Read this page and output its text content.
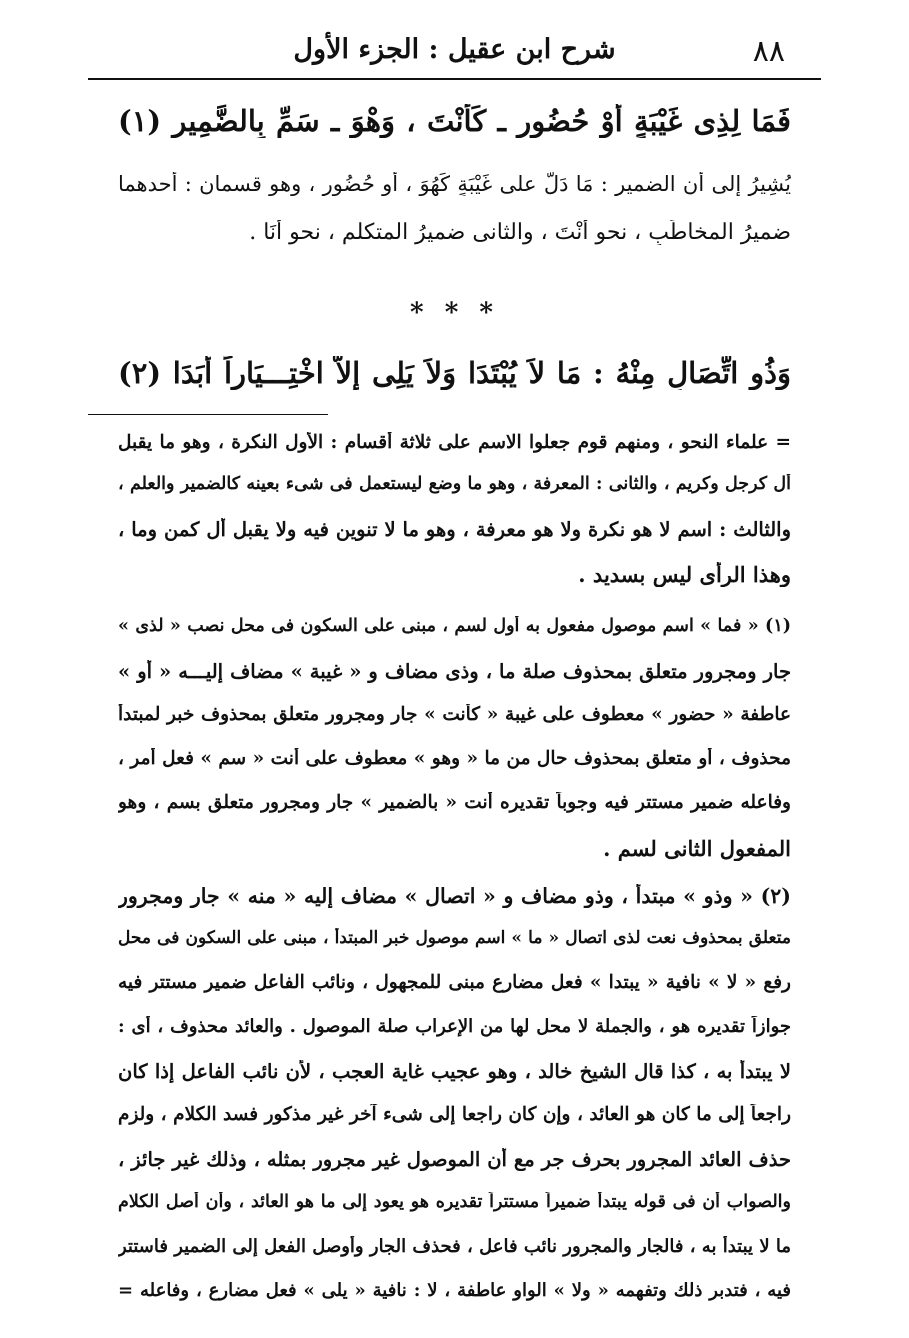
٨٨
شرح ابن عقيل : الجزء الأول
فَمَا لِذِى غَيْبَةٍ أوْ حُضُور ـ كَأنْتَ ، وَهْوَ ـ سَمِّ بِالضَّمِيرِ (١)
يُشِيرُ إلى أن الضمير : مَا دَلَّ على غَيْبَةٍ كَهُوَ ، أو حُضُورٍ ، وهو قسمان : أحدهما
ضميرُ المخاطَبِ ، نحو أنْتَ ، والثانى ضميرُ المتكلم ، نحو أنَا .
* * *
وَذُو اتِّصَالٍ مِنْهُ : مَا لاَ يُبْتَدَا وَلاَ يَلِى إلاَّ اخْتِـــيَاراً أبَدَا (٢)
= علماء النحو ، ومنهم قوم جعلوا الاسم على ثلاثة أقسام : الأول النكرة ، وهو ما يقبل
أل كرجل وكريم ، والثانى : المعرفة ، وهو ما وضع ليستعمل فى شىء بعينه كالضمير والعلم ،
والثالث : اسم لا هو نكرة ولا هو معرفة ، وهو ما لا تنوين فيه ولا يقبل أل كمن وما ،
وهذا الرأى ليس بسديد .
(١) « فما » اسم موصول مفعول به أول لسم ، مبنى على السكون فى محل نصب « لذى »
جار ومجرور متعلق بمحذوف صلة ما ، وذى مضاف و « غيبة » مضاف إليـــه « أو »
عاطفة « حضور » معطوف على غيبة « كأنت » جار ومجرور متعلق بمحذوف خبر لمبتدأ
محذوف ، أو متعلق بمحذوف حال من ما « وهو » معطوف على أنت « سم » فعل أمر ،
وفاعله ضمير مستتر فيه وجوباً تقديره أنت « بالضمير » جار ومجرور متعلق بسم ، وهو
المفعول الثانى لسم .
(٢) « وذو » مبتدأ ، وذو مضاف و « اتصال » مضاف إليه « منه » جار ومجرور
متعلق بمحذوف نعت لذى اتصال « ما » اسم موصول خبر المبتدأ ، مبنى على السكون فى محل
رفع « لا » نافية « يبتدا » فعل مضارع مبنى للمجهول ، ونائب الفاعل ضمير مستتر فيه
جوازاً تقديره هو ، والجملة لا محل لها من الإعراب صلة الموصول . والعائد محذوف ، أى :
لا يبتدأ به ، كذا قال الشيخ خالد ، وهو عجيب غاية العجب ، لأن نائب الفاعل إذا كان
راجعاً إلى ما كان هو العائد ، وإن كان راجعا إلى شىء آخر غير مذكور فسد الكلام ، ولزم
حذف العائد المجرور بحرف جر مع أن الموصول غير مجرور بمثله ، وذلك غير جائز ،
والصواب أن فى قوله يبتدأ ضميراً مستتراً تقديره هو يعود إلى ما هو العائد ، وأن أصل الكلام
ما لا يبتدأ به ، فالجار والمجرور نائب فاعل ، فحذف الجار وأوصل الفعل إلى الضمير فاستتر
فيه ، فتدبر ذلك وتفهمه « ولا » الواو عاطفة ، لا : نافية « يلى » فعل مضارع ، وفاعله =
